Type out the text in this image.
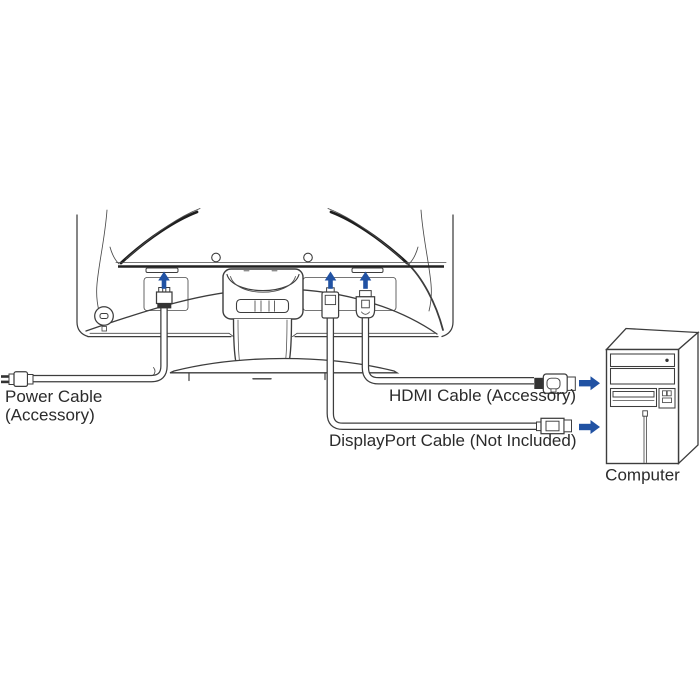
Power Cable
(Accessory)
HDMI Cable (Accessory)
DisplayPort Cable (Not Included)
Computer
